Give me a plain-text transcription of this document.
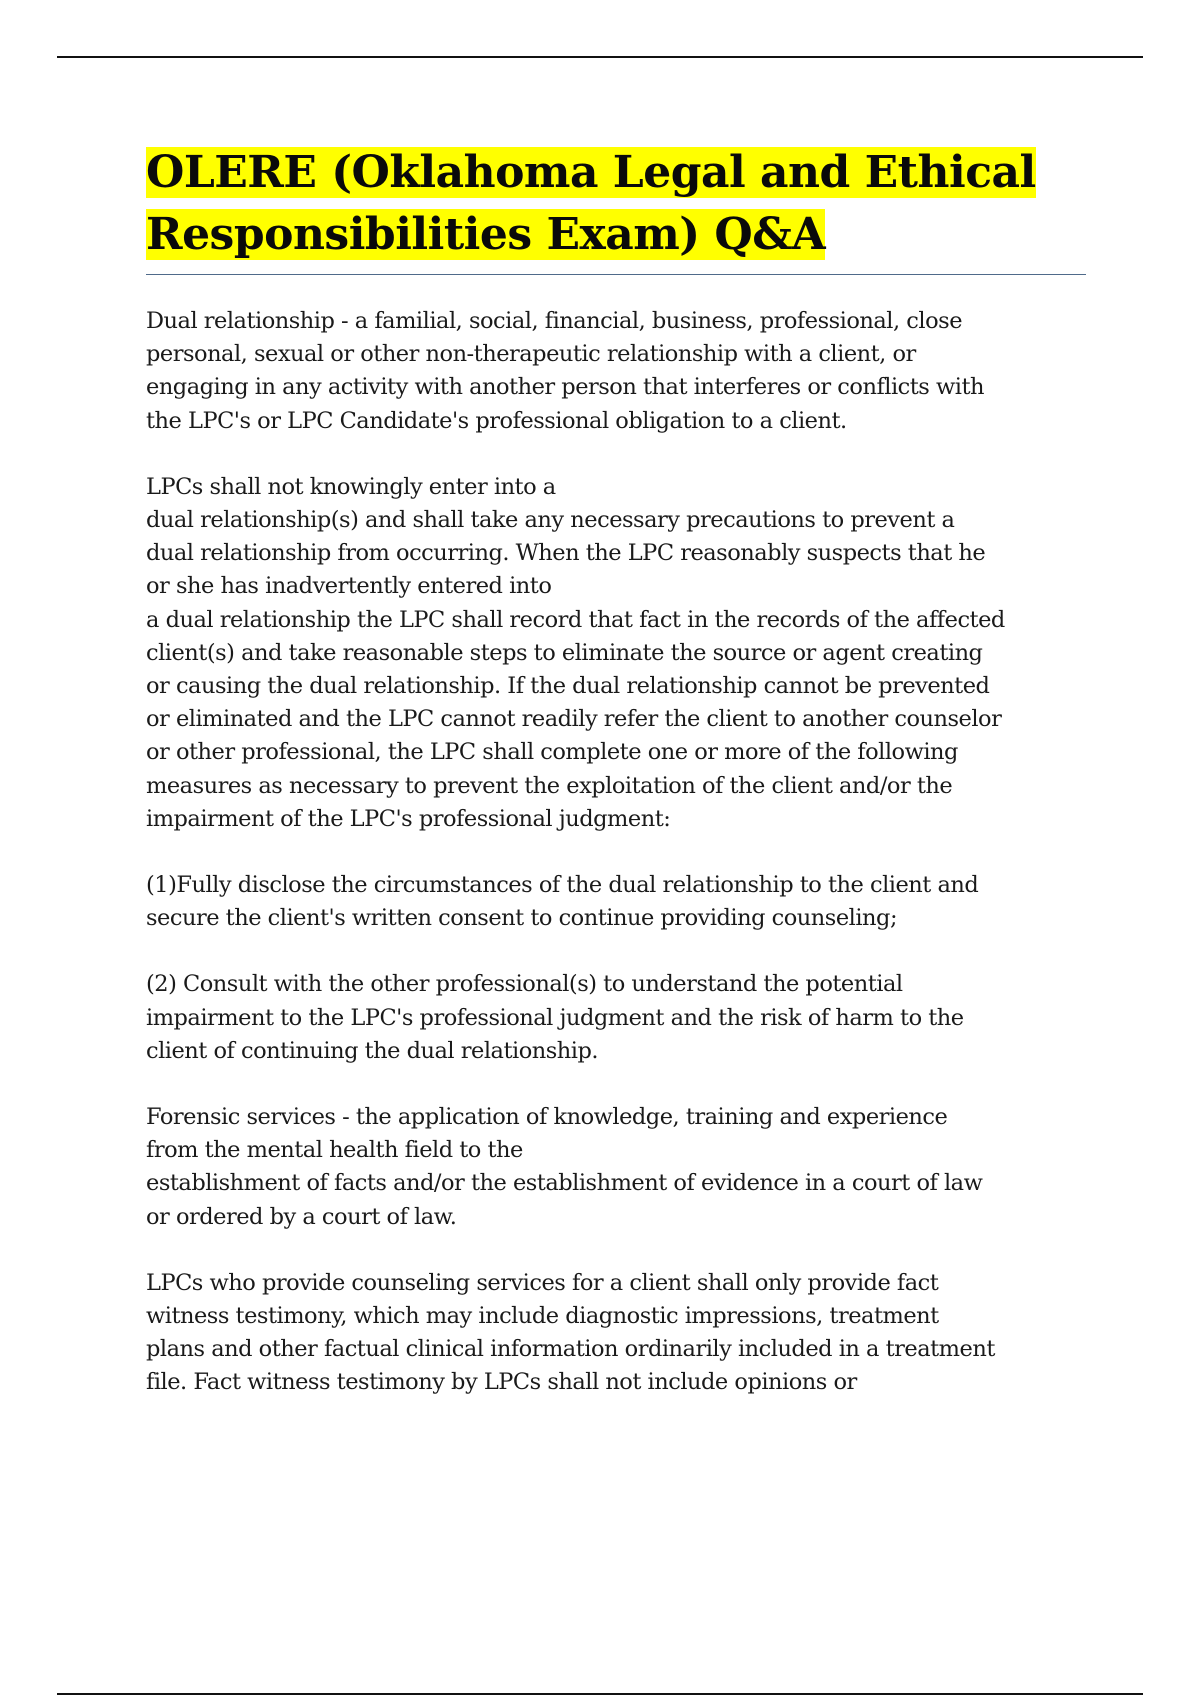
OLERE (Oklahoma Legal and Ethical
Responsibilities Exam) Q&A

Dual relationship - a familial, social, financial, business, professional, close
personal, sexual or other non-therapeutic relationship with a client, or
engaging in any activity with another person that interferes or conflicts with
the LPC's or LPC Candidate's professional obligation to a client.

LPCs shall not knowingly enter into a
dual relationship(s) and shall take any necessary precautions to prevent a
dual relationship from occurring. When the LPC reasonably suspects that he
or she has inadvertently entered into
a dual relationship the LPC shall record that fact in the records of the affected
client(s) and take reasonable steps to eliminate the source or agent creating
or causing the dual relationship. If the dual relationship cannot be prevented
or eliminated and the LPC cannot readily refer the client to another counselor
or other professional, the LPC shall complete one or more of the following
measures as necessary to prevent the exploitation of the client and/or the
impairment of the LPC's professional judgment:

(1)Fully disclose the circumstances of the dual relationship to the client and
secure the client's written consent to continue providing counseling;

(2) Consult with the other professional(s) to understand the potential
impairment to the LPC's professional judgment and the risk of harm to the
client of continuing the dual relationship.

Forensic services - the application of knowledge, training and experience
from the mental health field to the
establishment of facts and/or the establishment of evidence in a court of law
or ordered by a court of law.

LPCs who provide counseling services for a client shall only provide fact
witness testimony, which may include diagnostic impressions, treatment
plans and other factual clinical information ordinarily included in a treatment
file. Fact witness testimony by LPCs shall not include opinions or
